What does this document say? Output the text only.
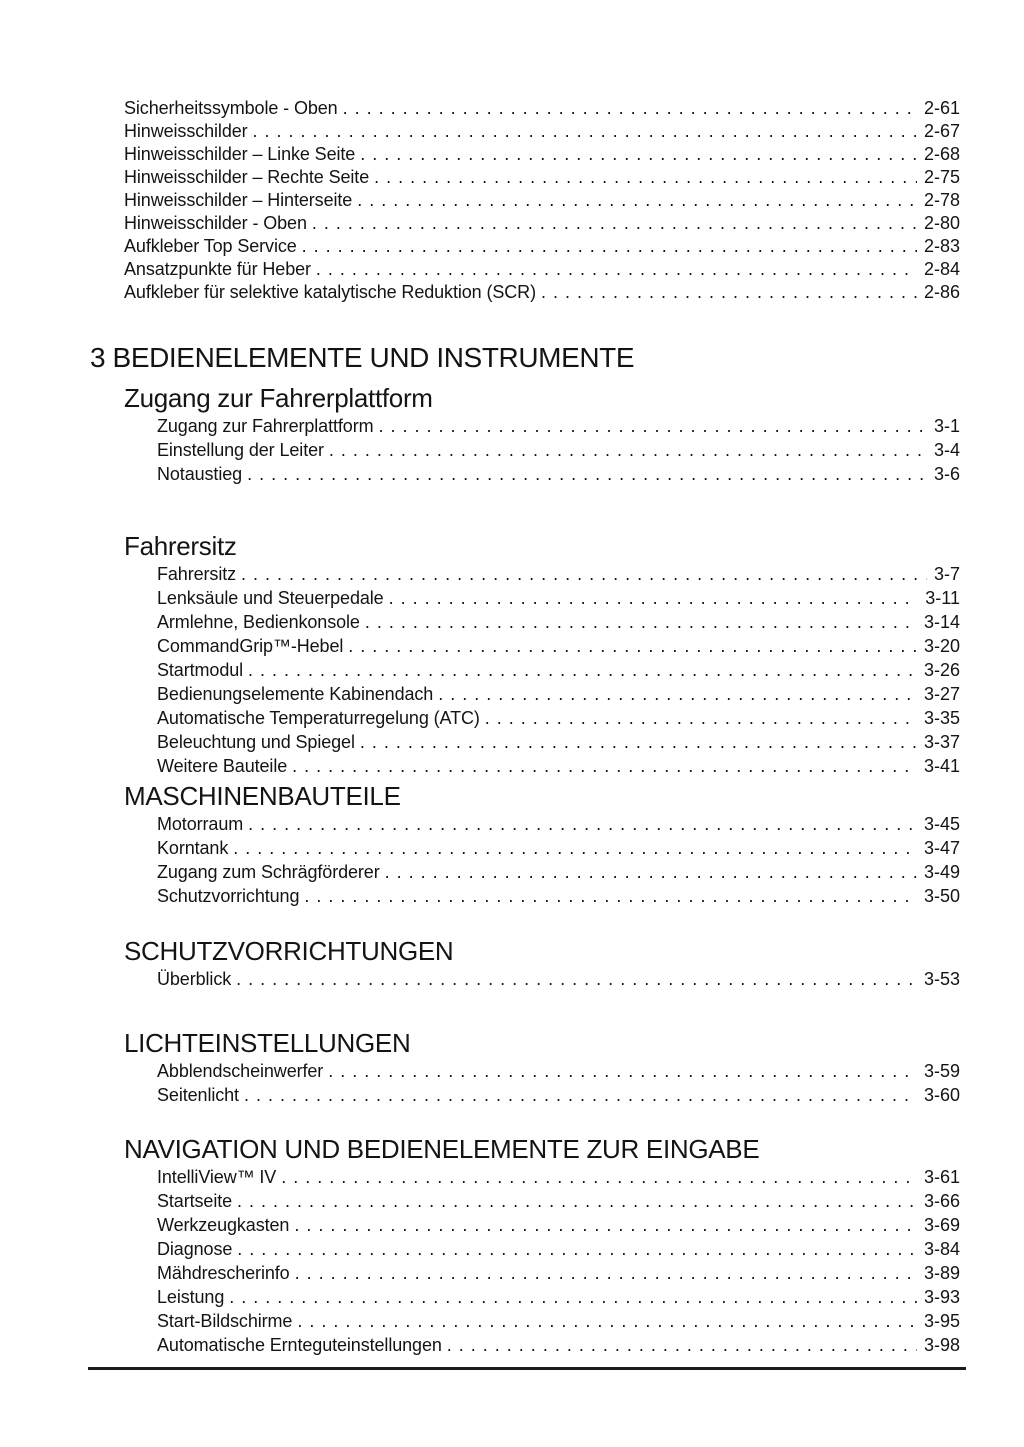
Sicherheitssymbole - Oben . . .	2-61
Hinweisschilder . . .	2-67
Hinweisschilder – Linke Seite . . .	2-68
Hinweisschilder – Rechte Seite . . .	2-75
Hinweisschilder – Hinterseite . . .	2-78
Hinweisschilder - Oben . . .	2-80
Aufkleber Top Service . . .	2-83
Ansatzpunkte für Heber . . .	2-84
Aufkleber für selektive katalytische Reduktion (SCR) . . .	2-86
3 BEDIENELEMENTE UND INSTRUMENTE
Zugang zur Fahrerplattform
Zugang zur Fahrerplattform . . .	3-1
Einstellung der Leiter . . .	3-4
Notaustieg . . .	3-6
Fahrersitz
Fahrersitz . . .	3-7
Lenksäule und Steuerpedale . . .	3-11
Armlehne, Bedienkonsole . . .	3-14
CommandGrip™-Hebel . . .	3-20
Startmodul . . .	3-26
Bedienungselemente Kabinendach . . .	3-27
Automatische Temperaturregelung (ATC) . . .	3-35
Beleuchtung und Spiegel . . .	3-37
Weitere Bauteile . . .	3-41
MASCHINENBAUTEILE
Motorraum . . .	3-45
Korntank . . .	3-47
Zugang zum Schrägförderer . . .	3-49
Schutzvorrichtung . . .	3-50
SCHUTZVORRICHTUNGEN
Überblick . . .	3-53
LICHTEINSTELLUNGEN
Abblendscheinwerfer . . .	3-59
Seitenlicht . . .	3-60
NAVIGATION UND BEDIENELEMENTE ZUR EINGABE
IntelliView™ IV . . .	3-61
Startseite . . .	3-66
Werkzeugkasten . . .	3-69
Diagnose . . .	3-84
Mähdrescherinfo . . .	3-89
Leistung . . .	3-93
Start-Bildschirme . . .	3-95
Automatische Ernteguteinstellungen . . .	3-98
